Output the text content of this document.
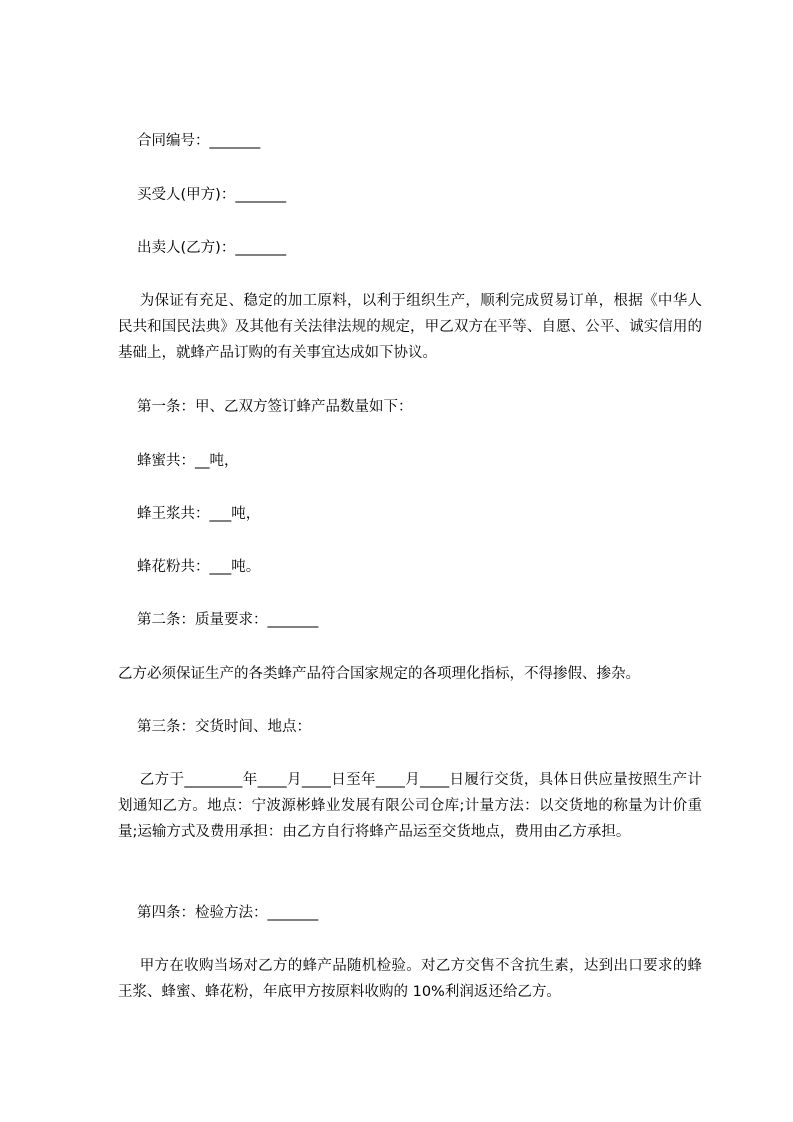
合同编号：_______
买受人(甲方)：_______
出卖人(乙方)：_______
为保证有充足、稳定的加工原料，以利于组织生产，顺利完成贸易订单，根据《中华人民共和国民法典》及其他有关法律法规的规定，甲乙双方在平等、自愿、公平、诚实信用的基础上，就蜂产品订购的有关事宜达成如下协议。
第一条：甲、乙双方签订蜂产品数量如下：
蜂蜜共：__吨，
蜂王浆共：___吨，
蜂花粉共：___吨。
第二条：质量要求：_______
乙方必须保证生产的各类蜂产品符合国家规定的各项理化指标，不得掺假、掺杂。
第三条：交货时间、地点：
乙方于________年____月____日至年____月____日履行交货，具体日供应量按照生产计划通知乙方。地点：宁波源彬蜂业发展有限公司仓库;计量方法：以交货地的称量为计价重量;运输方式及费用承担：由乙方自行将蜂产品运至交货地点，费用由乙方承担。
第四条：检验方法：_______
甲方在收购当场对乙方的蜂产品随机检验。对乙方交售不含抗生素，达到出口要求的蜂王浆、蜂蜜、蜂花粉，年底甲方按原料收购的 10%利润返还给乙方。
